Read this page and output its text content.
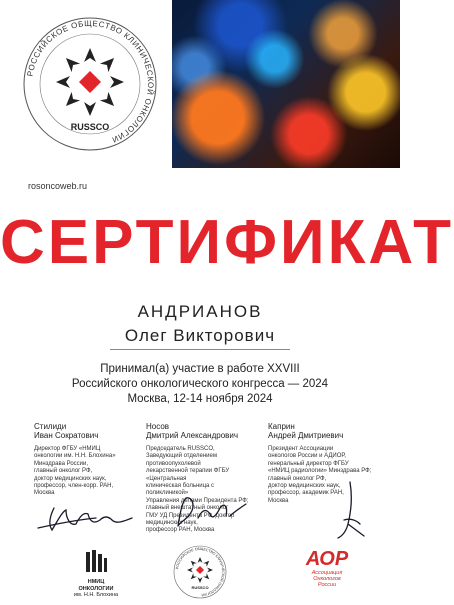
РОССИЙСКОЕ ОБЩЕСТВО КЛИНИЧЕСКОЙ ОНКОЛОГИИ
RUSSCO
rosoncoweb.ru
СЕРТИФИКАТ
АНДРИАНОВ
Олег Викторович
Принимал(а) участие в работе XXVIII
Российского онкологического конгресса — 2024
Москва, 12-14 ноября 2024
Стилиди
Иван Сократович
Директор ФГБУ «НМИЦ
онкологии им. Н.Н. Блохина»
Минздрава России,
главный онколог РФ,
доктор медицинских наук,
профессор, член-корр. РАН,
Москва
Носов
Дмитрий Александрович
Председатель RUSSCO,
Заведующий отделением противоопухолевой
лекарственной терапии ФГБУ «Центральная
клиническая больница с поликлиникой»
Управления делами Президента РФ;
главный внештатный онколог
ГМУ УД Президента РФ, доктор медицинских наук,
профессор РАН, Москва
Каприн
Андрей Дмитриевич
Президент Ассоциации
онкологов России и АДИОР,
генеральный директор ФГБУ
«НМИЦ радиологии» Минздрава РФ;
главный онколог РФ,
доктор медицинских наук,
профессор, академик РАН,
Москва
НМИЦ
ОНКОЛОГИИ
им. Н.Н. Блохина
РОССИЙСКОЕ ОБЩЕСТВО КЛИНИЧЕСКОЙ ОНКОЛОГИИ
RUSSCO
АОР
Ассоциация
Онкологов
России
